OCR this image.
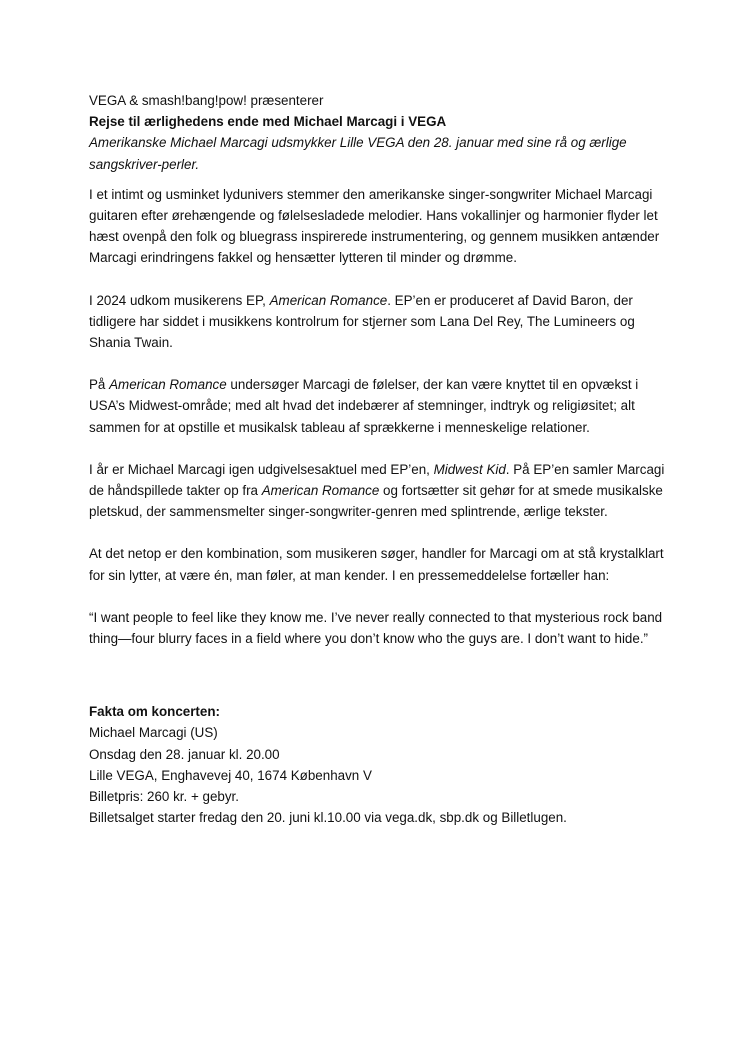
VEGA & smash!bang!pow! præsenterer

Rejse til ærlighedens ende med Michael Marcagi i VEGA

Amerikanske Michael Marcagi udsmykker Lille VEGA den 28. januar med sine rå og ærlige sangskriver-perler.

I et intimt og usminket lydunivers stemmer den amerikanske singer-songwriter Michael Marcagi guitaren efter ørehængende og følelsesladede melodier. Hans vokallinjer og harmonier flyder let hæst ovenpå den folk og bluegrass inspirerede instrumentering, og gennem musikken antænder Marcagi erindringens fakkel og hensætter lytteren til minder og drømme.

I 2024 udkom musikerens EP, American Romance. EP’en er produceret af David Baron, der tidligere har siddet i musikkens kontrolrum for stjerner som Lana Del Rey, The Lumineers og Shania Twain.

På American Romance undersøger Marcagi de følelser, der kan være knyttet til en opvækst i USA’s Midwest-område; med alt hvad det indebærer af stemninger, indtryk og religiøsitet; alt sammen for at opstille et musikalsk tableau af sprækkerne i menneskelige relationer.

I år er Michael Marcagi igen udgivelsesaktuel med EP’en, Midwest Kid. På EP’en samler Marcagi de håndspillede takter op fra American Romance og fortsætter sit gehør for at smede musikalske pletskud, der sammensmelter singer-songwriter-genren med splintrende, ærlige tekster.

At det netop er den kombination, som musikeren søger, handler for Marcagi om at stå krystalklart for sin lytter, at være én, man føler, at man kender. I en pressemeddelelse fortæller han:

“I want people to feel like they know me. I’ve never really connected to that mysterious rock band thing—four blurry faces in a field where you don’t know who the guys are. I don’t want to hide.”

Fakta om koncerten:

Michael Marcagi (US)

Onsdag den 28. januar kl. 20.00

Lille VEGA, Enghavevej 40, 1674 København V

Billetpris: 260 kr. + gebyr.

Billetsalget starter fredag den 20. juni kl.10.00 via vega.dk, sbp.dk og Billetlugen.
